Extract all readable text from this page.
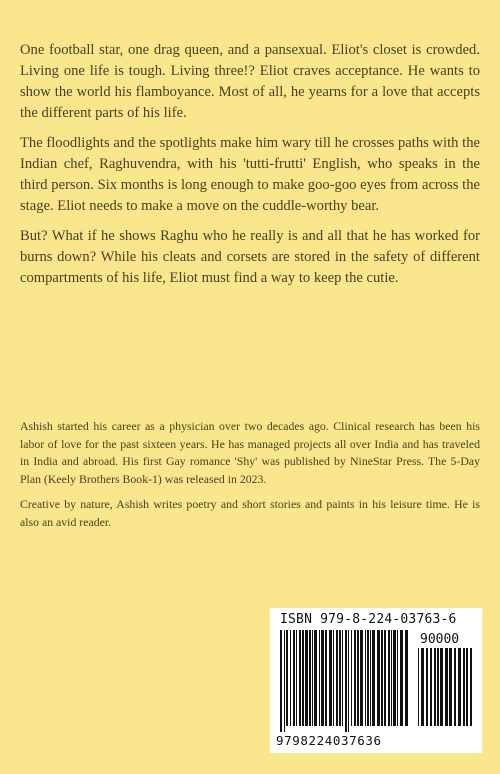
One football star, one drag queen, and a pansexual. Eliot's closet is crowded. Living one life is tough. Living three!? Eliot craves acceptance. He wants to show the world his flamboyance. Most of all, he yearns for a love that accepts the different parts of his life.

The floodlights and the spotlights make him wary till he crosses paths with the Indian chef, Raghuvendra, with his 'tutti-frutti' English, who speaks in the third person. Six months is long enough to make goo-goo eyes from across the stage. Eliot needs to make a move on the cuddle-worthy bear.

But? What if he shows Raghu who he really is and all that he has worked for burns down? While his cleats and corsets are stored in the safety of different compartments of his life, Eliot must find a way to keep the cutie.

Ashish started his career as a physician over two decades ago. Clinical research has been his labor of love for the past sixteen years. He has managed projects all over India and has traveled in India and abroad. His first Gay romance 'Shy' was published by NineStar Press. The 5-Day Plan (Keely Brothers Book-1) was released in 2023.

Creative by nature, Ashish writes poetry and short stories and paints in his leisure time. He is also an avid reader.

ISBN 979-8-224-03763-6
90000
9798224037636
